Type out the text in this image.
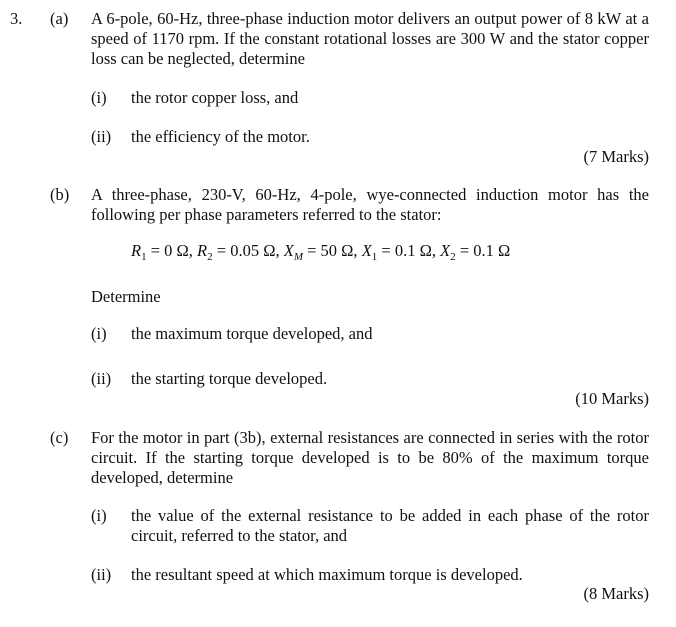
3. (a) A 6-pole, 60-Hz, three-phase induction motor delivers an output power of 8 kW at a speed of 1170 rpm. If the constant rotational losses are 300 W and the stator copper loss can be neglected, determine
(i) the rotor copper loss, and
(ii) the efficiency of the motor.
(7 Marks)
(b) A three-phase, 230-V, 60-Hz, 4-pole, wye-connected induction motor has the following per phase parameters referred to the stator:
$R_1 = 0$ Ω, $R_2 = 0.05$ Ω, $X_M = 50$ Ω, $X_1 = 0.1$ Ω, $X_2 = 0.1$ Ω
Determine
(i) the maximum torque developed, and
(ii) the starting torque developed.
(10 Marks)
(c) For the motor in part (3b), external resistances are connected in series with the rotor circuit. If the starting torque developed is to be 80% of the maximum torque developed, determine
(i) the value of the external resistance to be added in each phase of the rotor circuit, referred to the stator, and
(ii) the resultant speed at which maximum torque is developed.
(8 Marks)
